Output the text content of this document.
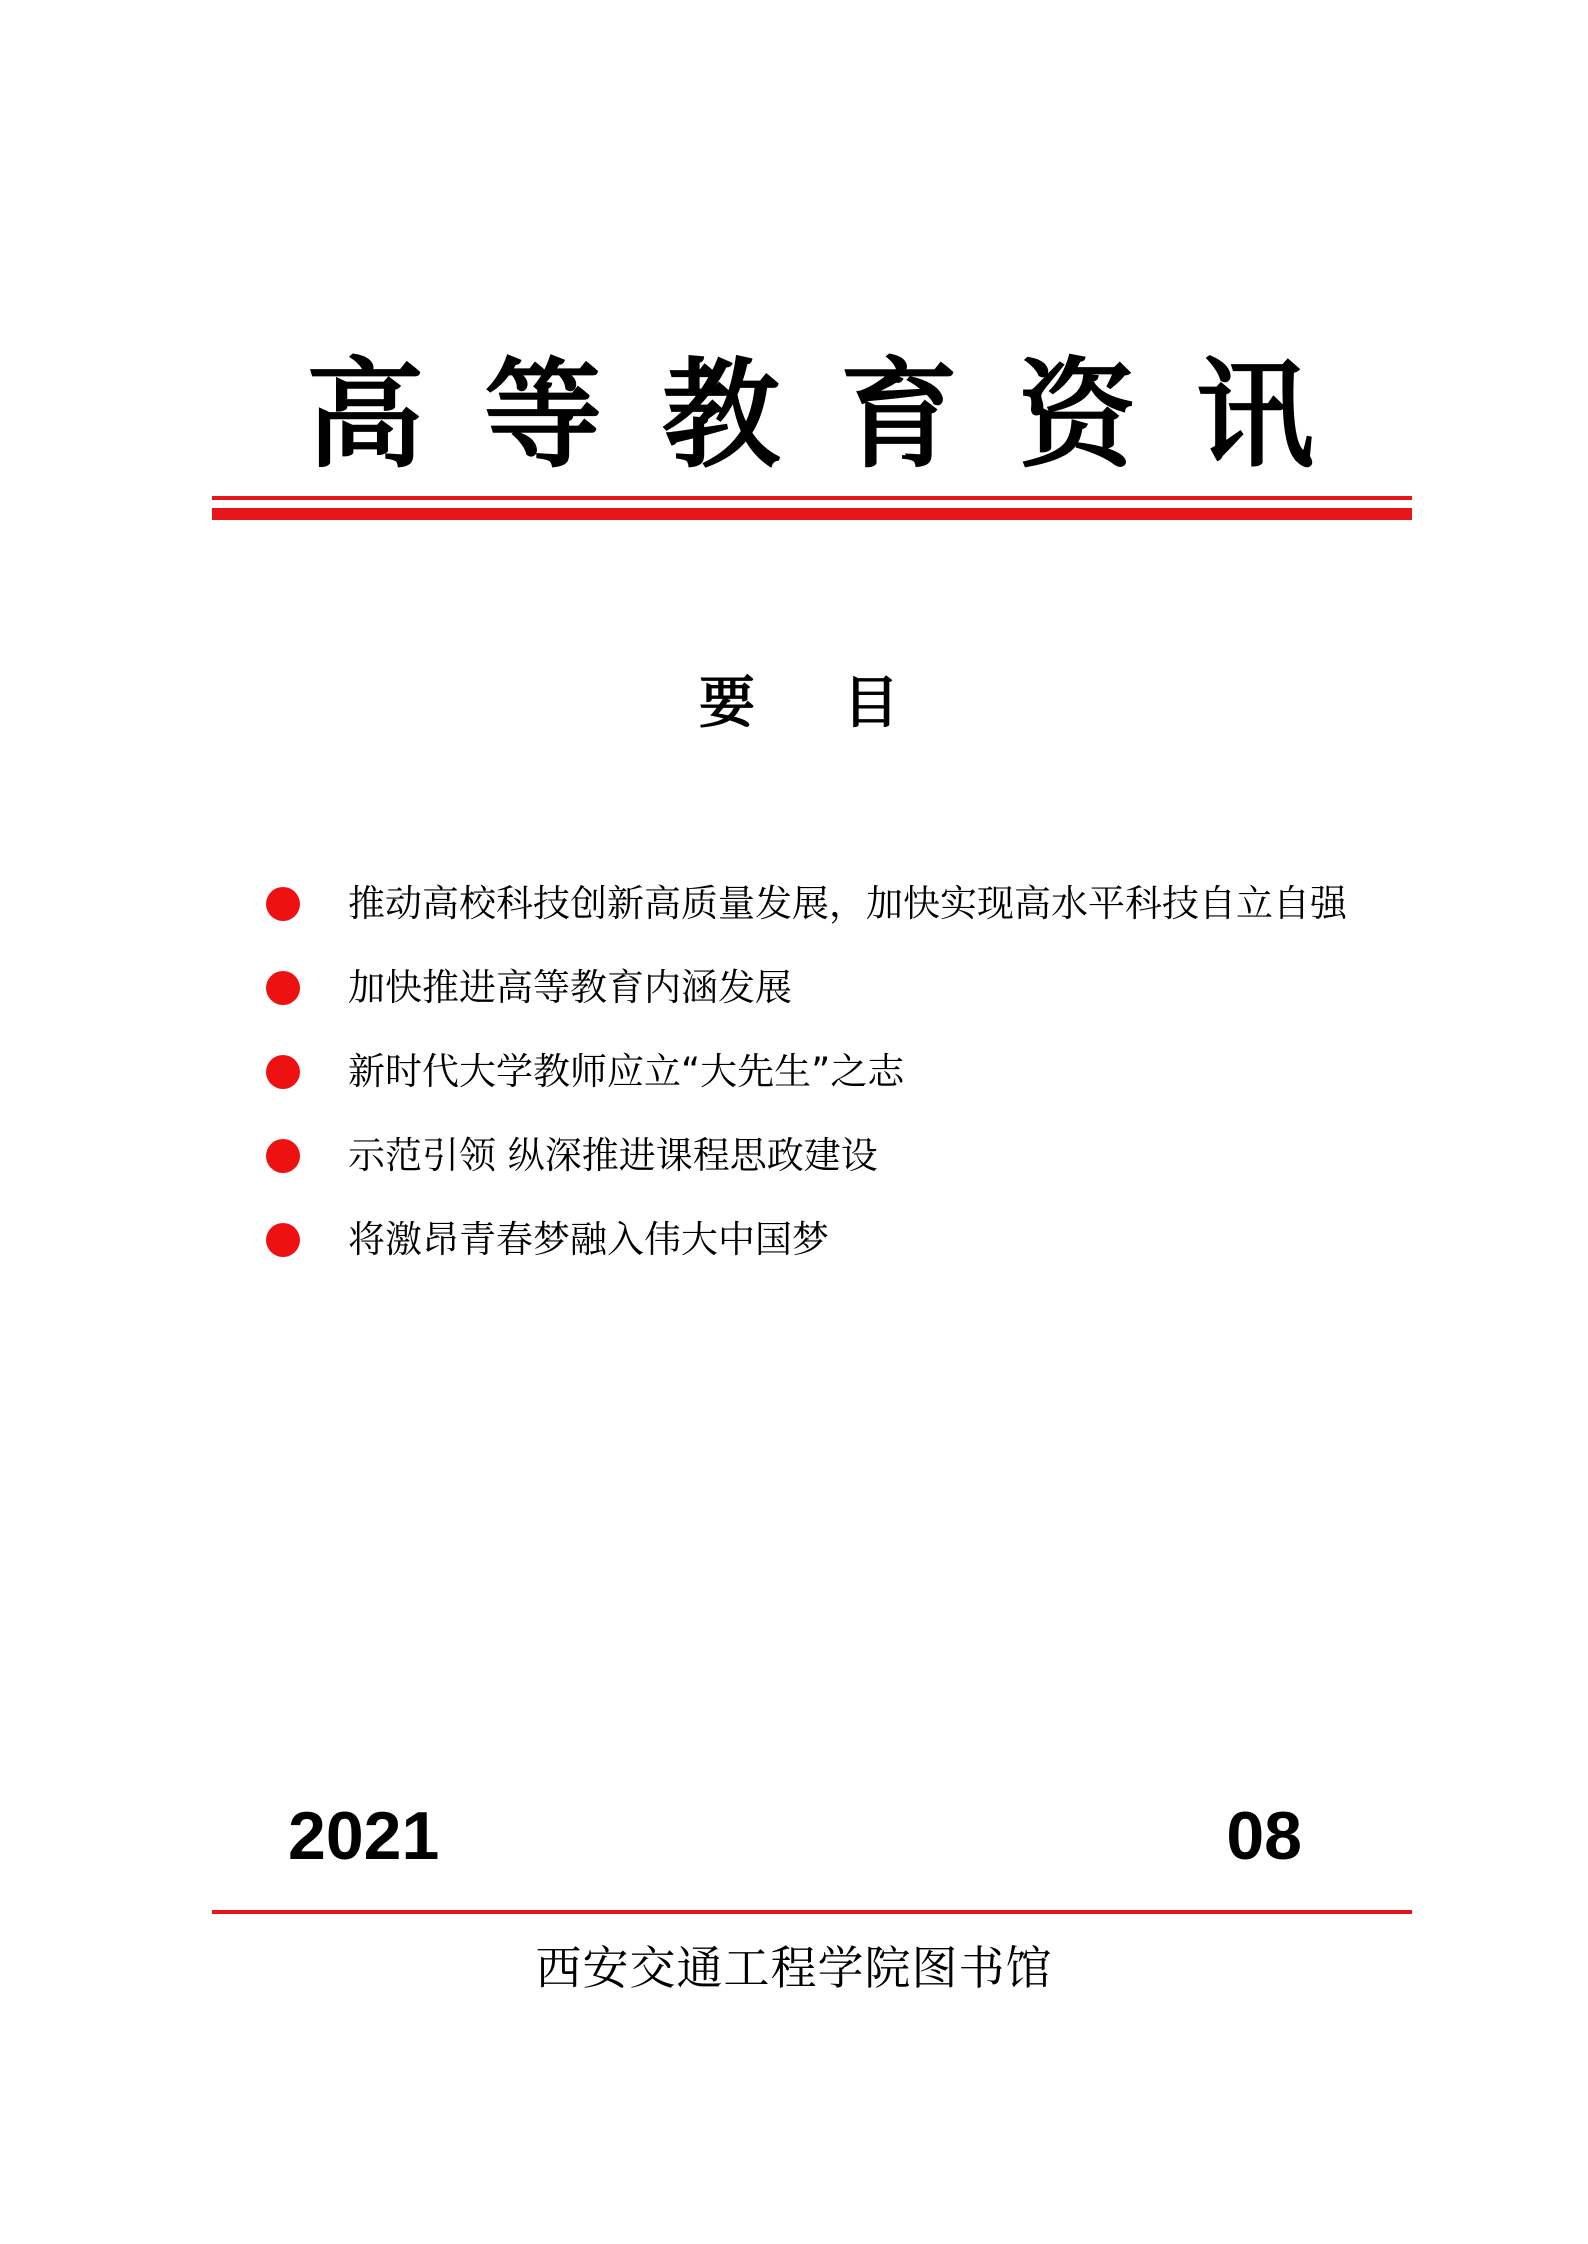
高 等 教 育 资 讯
要 目
推动高校科技创新高质量发展，加快实现高水平科技自立自强
加快推进高等教育内涵发展
新时代大学教师应立“大先生”之志
示范引领 纵深推进课程思政建设
将激昂青春梦融入伟大中国梦
2021	08
西安交通工程学院图书馆
